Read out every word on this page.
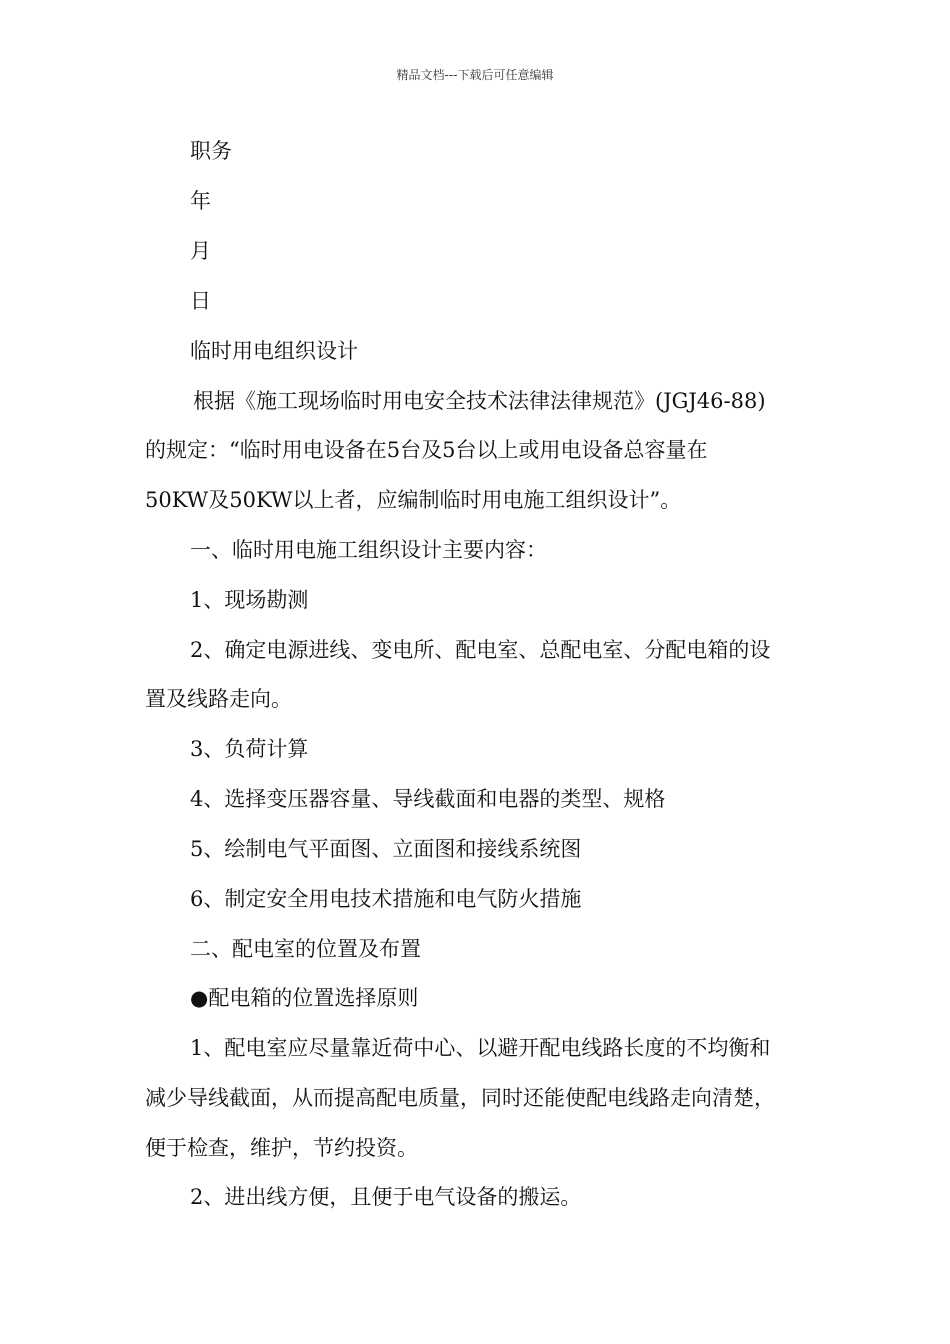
精品文档---下载后可任意编辑
职务
年
月
日
临时用电组织设计
根据《施工现场临时用电安全技术法律法律规范》(JGJ46-88)
的规定：“临时用电设备在5台及5台以上或用电设备总容量在
50KW及50KW以上者，应编制临时用电施工组织设计”。
一、临时用电施工组织设计主要内容：
1、现场勘测
2、确定电源进线、变电所、配电室、总配电室、分配电箱的设
置及线路走向。
3、负荷计算
4、选择变压器容量、导线截面和电器的类型、规格
5、绘制电气平面图、立面图和接线系统图
6、制定安全用电技术措施和电气防火措施
二、配电室的位置及布置
●配电箱的位置选择原则
1、配电室应尽量靠近荷中心、以避开配电线路长度的不均衡和
减少导线截面，从而提高配电质量，同时还能使配电线路走向清楚，
便于检查，维护，节约投资。
2、进出线方便，且便于电气设备的搬运。
